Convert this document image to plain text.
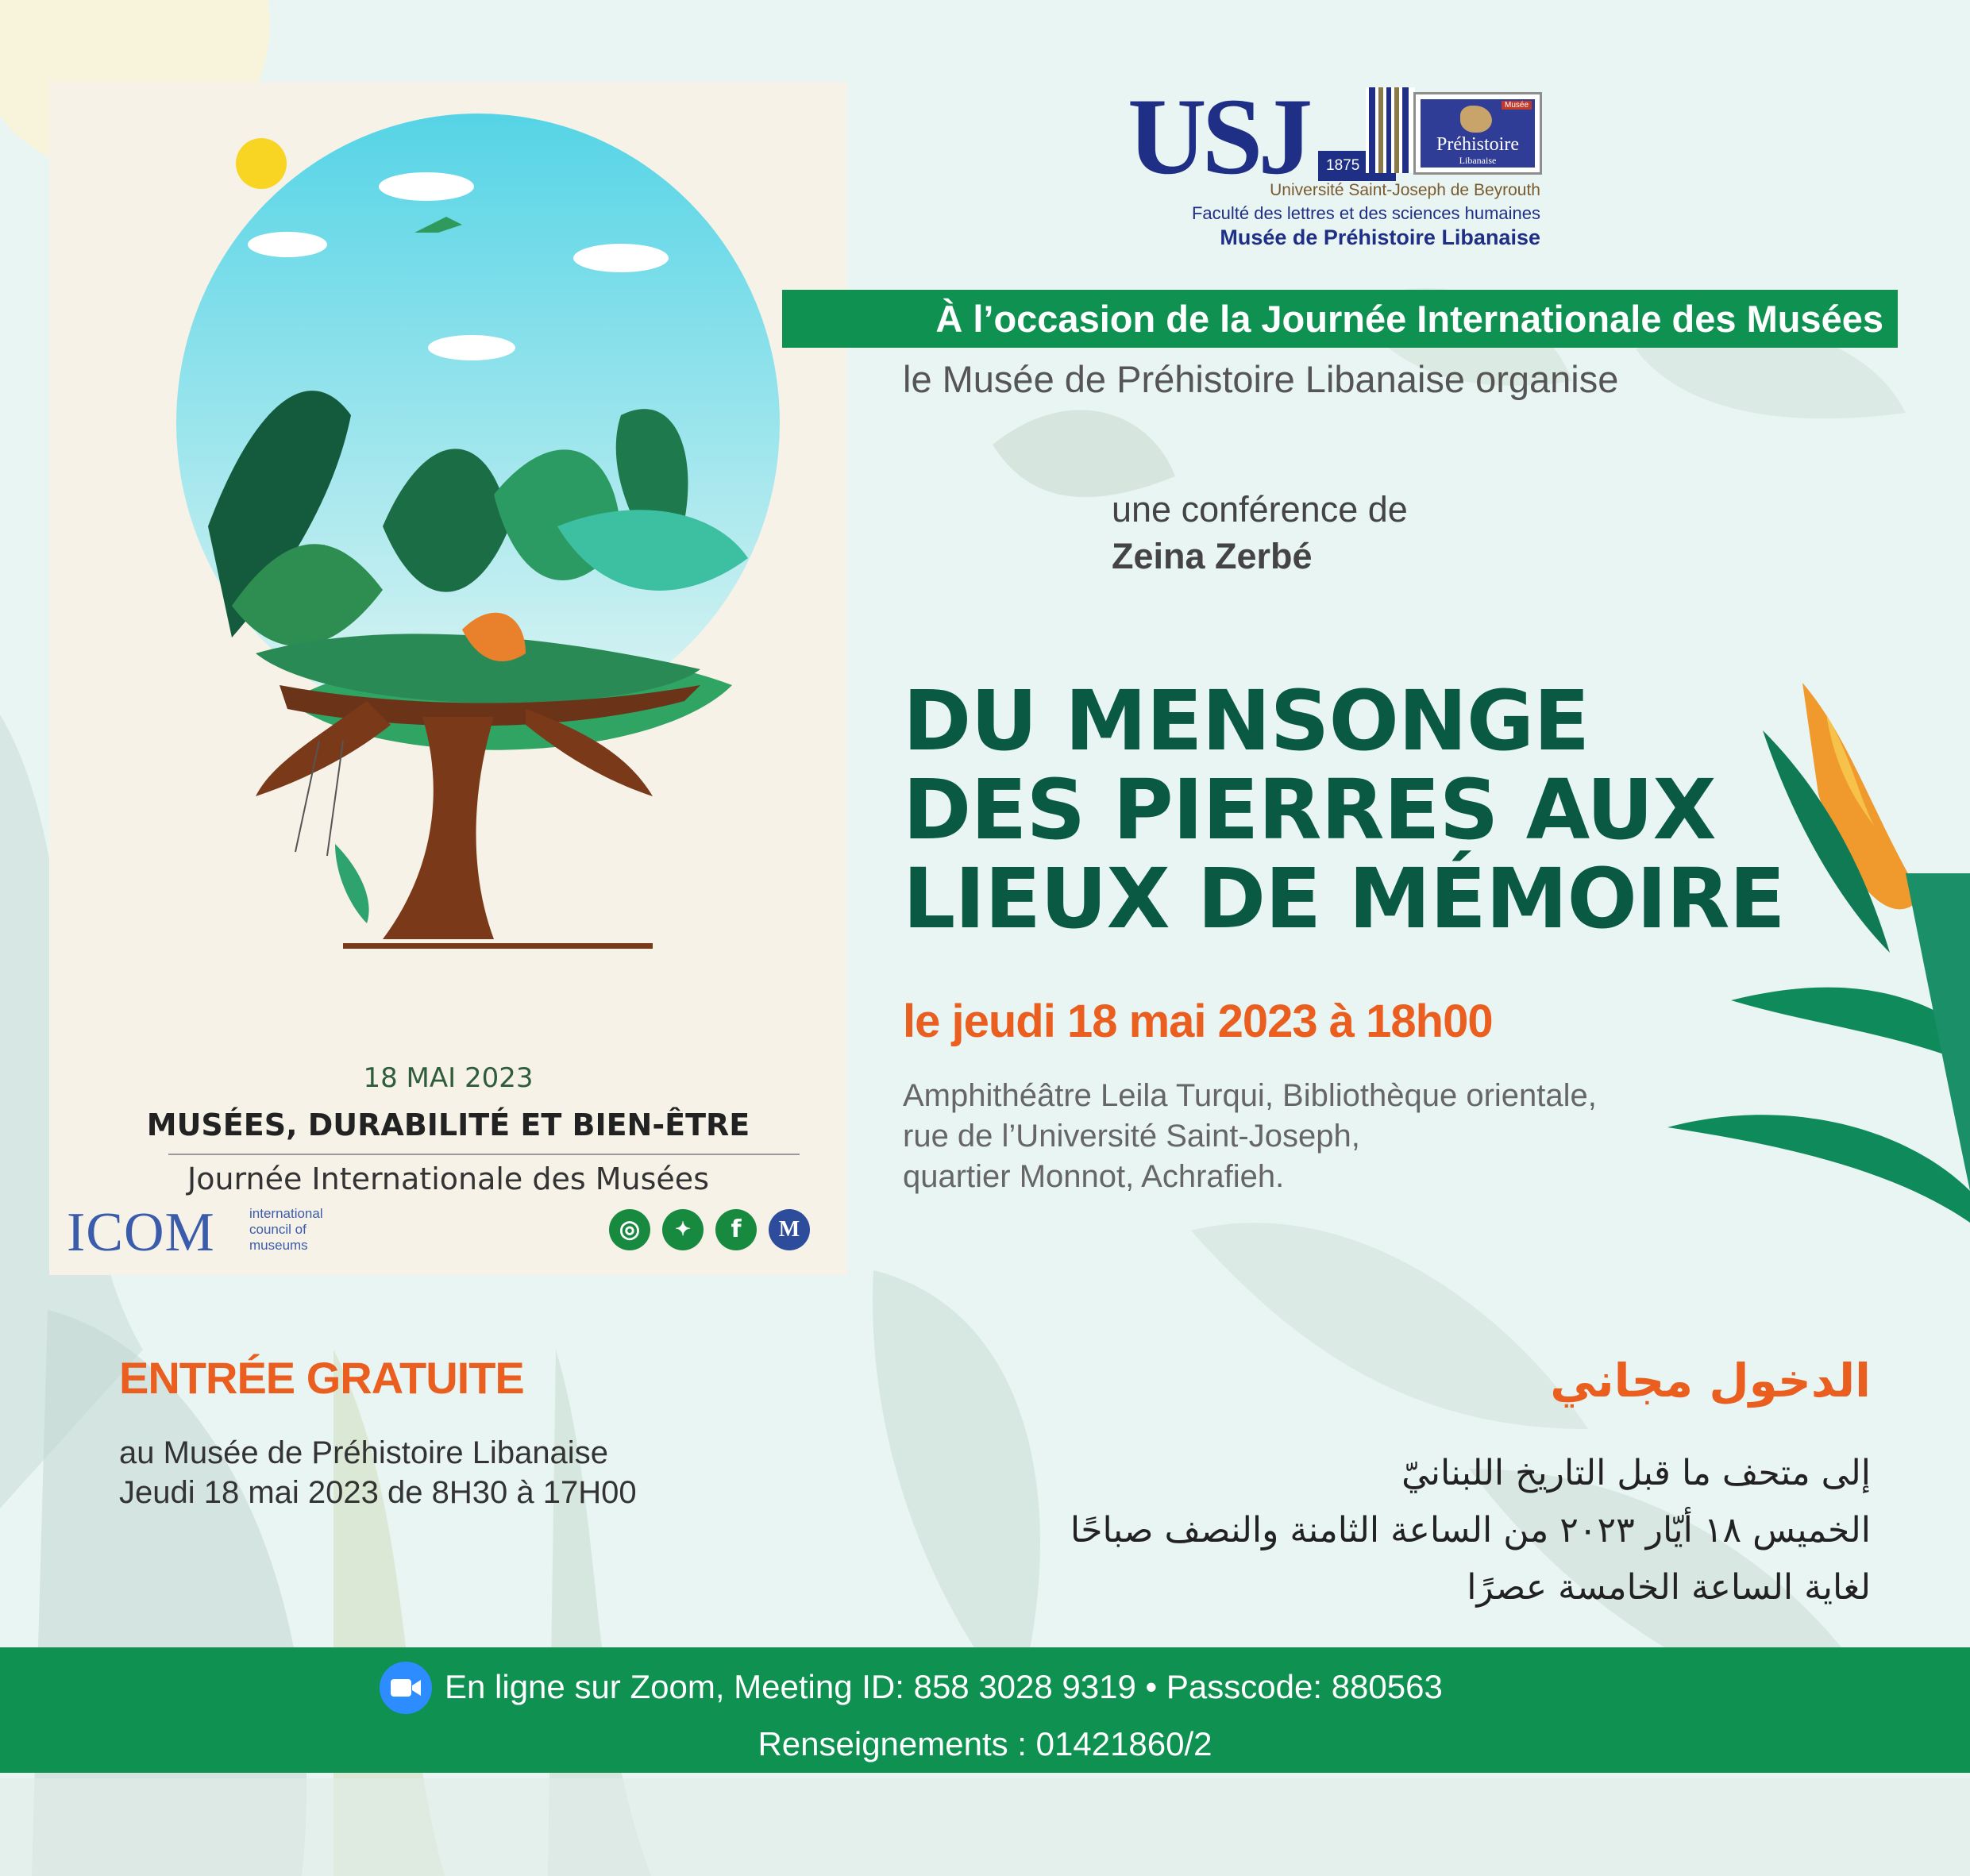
18 MAI 2023
MUSÉES, DURABILITÉ ET BIEN-ÊTRE
Journée Internationale des Musées
ICOM	international council of museums
◎	✦	f	M
USJ	1875
Musée
Préhistoire
Libanaise
Université Saint-Joseph de Beyrouth
Faculté des lettres et des sciences humaines
Musée de Préhistoire Libanaise
À l’occasion de la Journée Internationale des Musées
le Musée de Préhistoire Libanaise organise
une conférence de
Zeina Zerbé
DU MENSONGE
DES PIERRES AUX
LIEUX DE MÉMOIRE
le jeudi 18 mai 2023 à 18h00
Amphithéâtre Leila Turqui, Bibliothèque orientale,
rue de l’Université Saint-Joseph,
quartier Monnot, Achrafieh.
ENTRÉE GRATUITE
au Musée de Préhistoire Libanaise
Jeudi 18 mai 2023 de 8H30 à 17H00
الدخول مجاني
إلى متحف ما قبل التاريخ اللبنانيّ
الخميس ١٨ أيّار ٢٠٢٣ من الساعة الثامنة والنصف صباحًا
لغاية الساعة الخامسة عصرًا
En ligne sur Zoom, Meeting ID: 858 3028 9319 • Passcode: 880563
Renseignements : 01421860/2
